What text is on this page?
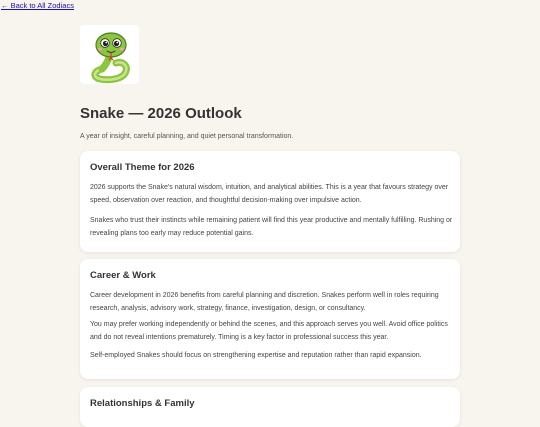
← Back to All Zodiacs
Snake — 2026 Outlook

A year of insight, careful planning, and quiet personal transformation.

Overall Theme for 2026

2026 supports the Snake’s natural wisdom, intuition, and analytical abilities. This is a year that favours strategy over speed, observation over reaction, and thoughtful decision-making over impulsive action.

Snakes who trust their instincts while remaining patient will find this year productive and mentally fulfilling. Rushing or revealing plans too early may reduce potential gains.

Career & Work

Career development in 2026 benefits from careful planning and discretion. Snakes perform well in roles requiring research, analysis, advisory work, strategy, finance, investigation, design, or consultancy.

You may prefer working independently or behind the scenes, and this approach serves you well. Avoid office politics and do not reveal intentions prematurely. Timing is a key factor in professional success this year.

Self-employed Snakes should focus on strengthening expertise and reputation rather than rapid expansion.

Relationships & Family
